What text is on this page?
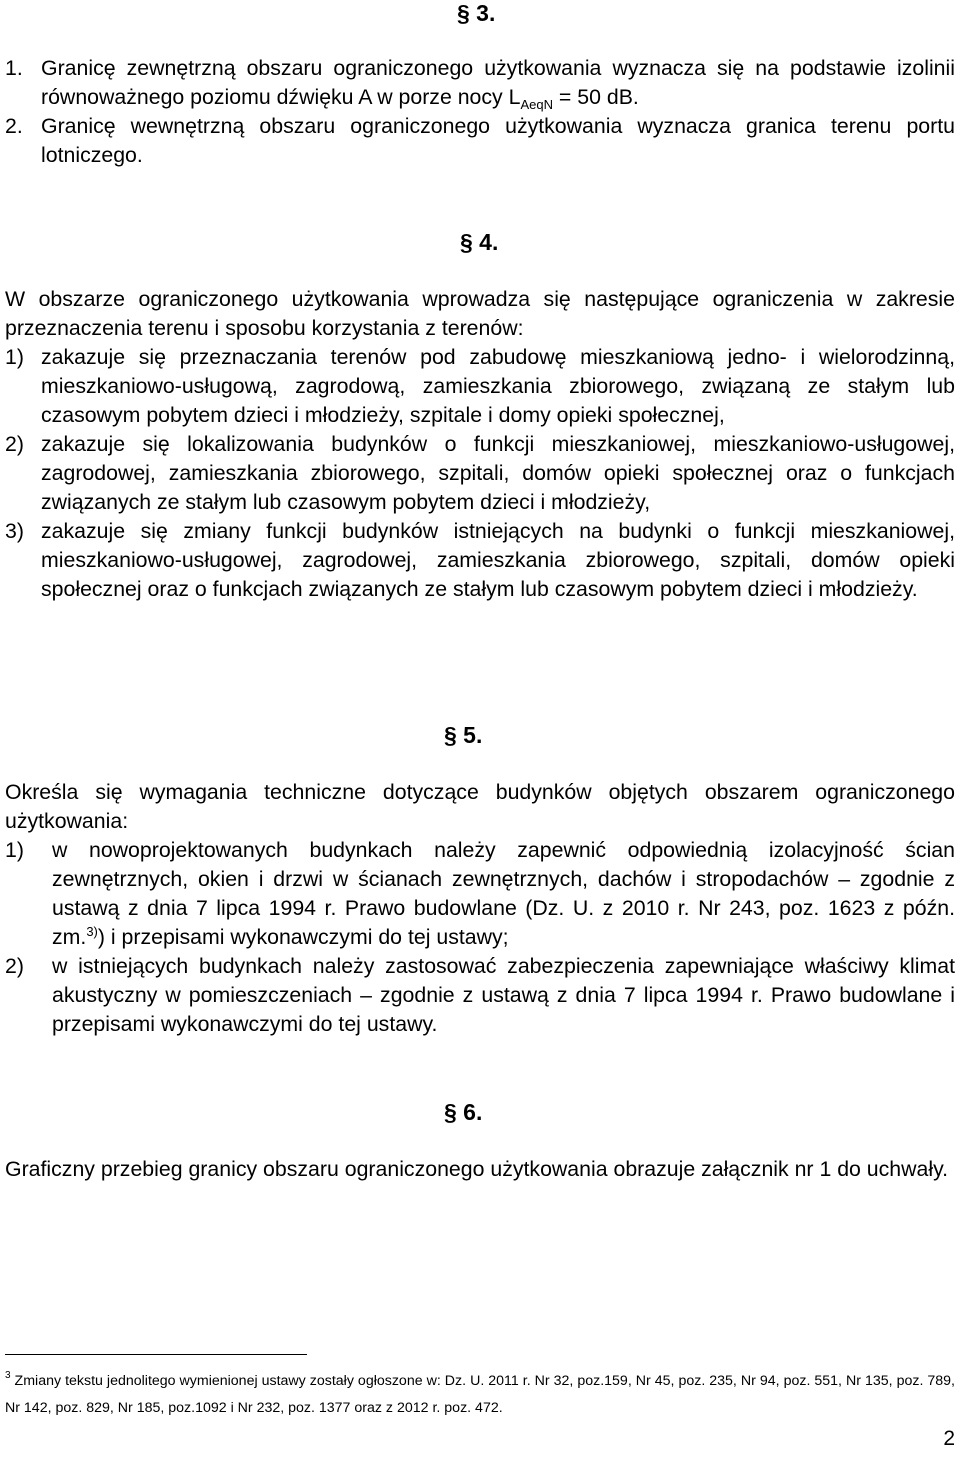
§ 3.
1. Granicę zewnętrzną obszaru ograniczonego użytkowania wyznacza się na podstawie izolinii równoważnego poziomu dźwięku A w porze nocy $L_{AeqN} = 50$ dB.
2. Granicę wewnętrzną obszaru ograniczonego użytkowania wyznacza granica terenu portu lotniczego.
§ 4.
W obszarze ograniczonego użytkowania wprowadza się następujące ograniczenia w zakresie przeznaczenia terenu i sposobu korzystania z terenów:
1) zakazuje się przeznaczania terenów pod zabudowę mieszkaniową jedno- i wielorodzinną, mieszkaniowo-usługową, zagrodową, zamieszkania zbiorowego, związaną ze stałym lub czasowym pobytem dzieci i młodzieży, szpitale i domy opieki społecznej,
2) zakazuje się lokalizowania budynków o funkcji mieszkaniowej, mieszkaniowo-usługowej, zagrodowej, zamieszkania zbiorowego, szpitali, domów opieki społecznej oraz o funkcjach związanych ze stałym lub czasowym pobytem dzieci i młodzieży,
3) zakazuje się zmiany funkcji budynków istniejących na budynki o funkcji mieszkaniowej, mieszkaniowo-usługowej, zagrodowej, zamieszkania zbiorowego, szpitali, domów opieki społecznej oraz o funkcjach związanych ze stałym lub czasowym pobytem dzieci i młodzieży.
§ 5.
Określa się wymagania techniczne dotyczące budynków objętych obszarem ograniczonego użytkowania:
1) w nowoprojektowanych budynkach należy zapewnić odpowiednią izolacyjność ścian zewnętrznych, okien i drzwi w ścianach zewnętrznych, dachów i stropodachów – zgodnie z ustawą z dnia 7 lipca 1994 r. Prawo budowlane (Dz. U. z 2010 r. Nr 243, poz. 1623 z późn. zm.$^{3)}$) i przepisami wykonawczymi do tej ustawy;
2) w istniejących budynkach należy zastosować zabezpieczenia zapewniające właściwy klimat akustyczny w pomieszczeniach – zgodnie z ustawą z dnia 7 lipca 1994 r. Prawo budowlane i przepisami wykonawczymi do tej ustawy.
§ 6.
Graficzny przebieg granicy obszaru ograniczonego użytkowania obrazuje załącznik nr 1 do uchwały.
$^3$ Zmiany tekstu jednolitego wymienionej ustawy zostały ogłoszone w: Dz. U. 2011 r. Nr 32, poz.159, Nr 45, poz. 235, Nr 94, poz. 551, Nr 135, poz. 789, Nr 142, poz. 829, Nr 185, poz.1092 i Nr 232, poz. 1377 oraz z 2012 r. poz. 472.
2
